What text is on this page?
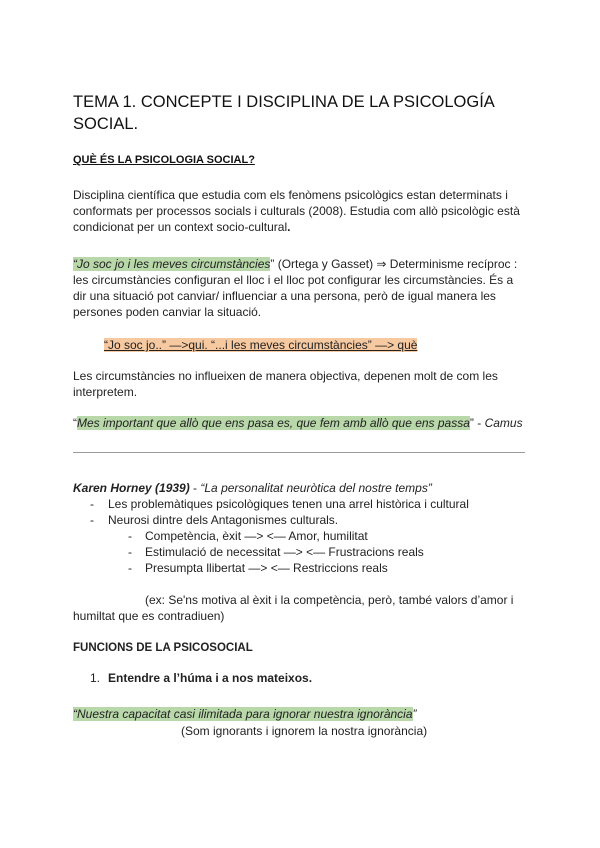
TEMA 1. CONCEPTE I DISCIPLINA DE LA PSICOLOGÍA
SOCIAL.
QUÈ ÉS LA PSICOLOGIA SOCIAL?
Disciplina científica que estudia com els fenòmens psicològics estan determinats i
conformats per processos socials i culturals (2008). Estudia com allò psicològic està
condicionat per un context socio-cultural.
“Jo soc jo i les meves circumstàncies” (Ortega y Gasset) ⇒ Determinisme recíproc :
les circumstàncies configuran el lloc i el lloc pot configurar les circumstàncies. És a
dir una situació pot canviar/ influenciar a una persona, però de igual manera les
persones poden canviar la situació.
“Jo soc jo..” —>qui. “...i les meves circumstàncies” —> què
Les circumstàncies no influeixen de manera objectiva, depenen molt de com les
interpretem.
“Mes important que allò que ens pasa es, que fem amb allò que ens passa” - Camus
Karen Horney (1939) - “La personalitat neuròtica del nostre temps”
-	Les problemàtiques psicològiques tenen una arrel històrica i cultural
-	Neurosi dintre dels Antagonismes culturals.
-	Competència, èxit —> <— Amor, humilitat
-	Estimulació de necessitat —> <— Frustracions reals
-	Presumpta llibertat —> <— Restriccions reals
(ex: Se'ns motiva al èxit i la competència, però, també valors d’amor i
humiltat que es contradiuen)
FUNCIONS DE LA PSICOSOCIAL
1. Entendre a l’húma i a nos mateixos.
“Nuestra capacitat casi ilimitada para ignorar nuestra ignorància”
(Som ignorants i ignorem la nostra ignorància)
